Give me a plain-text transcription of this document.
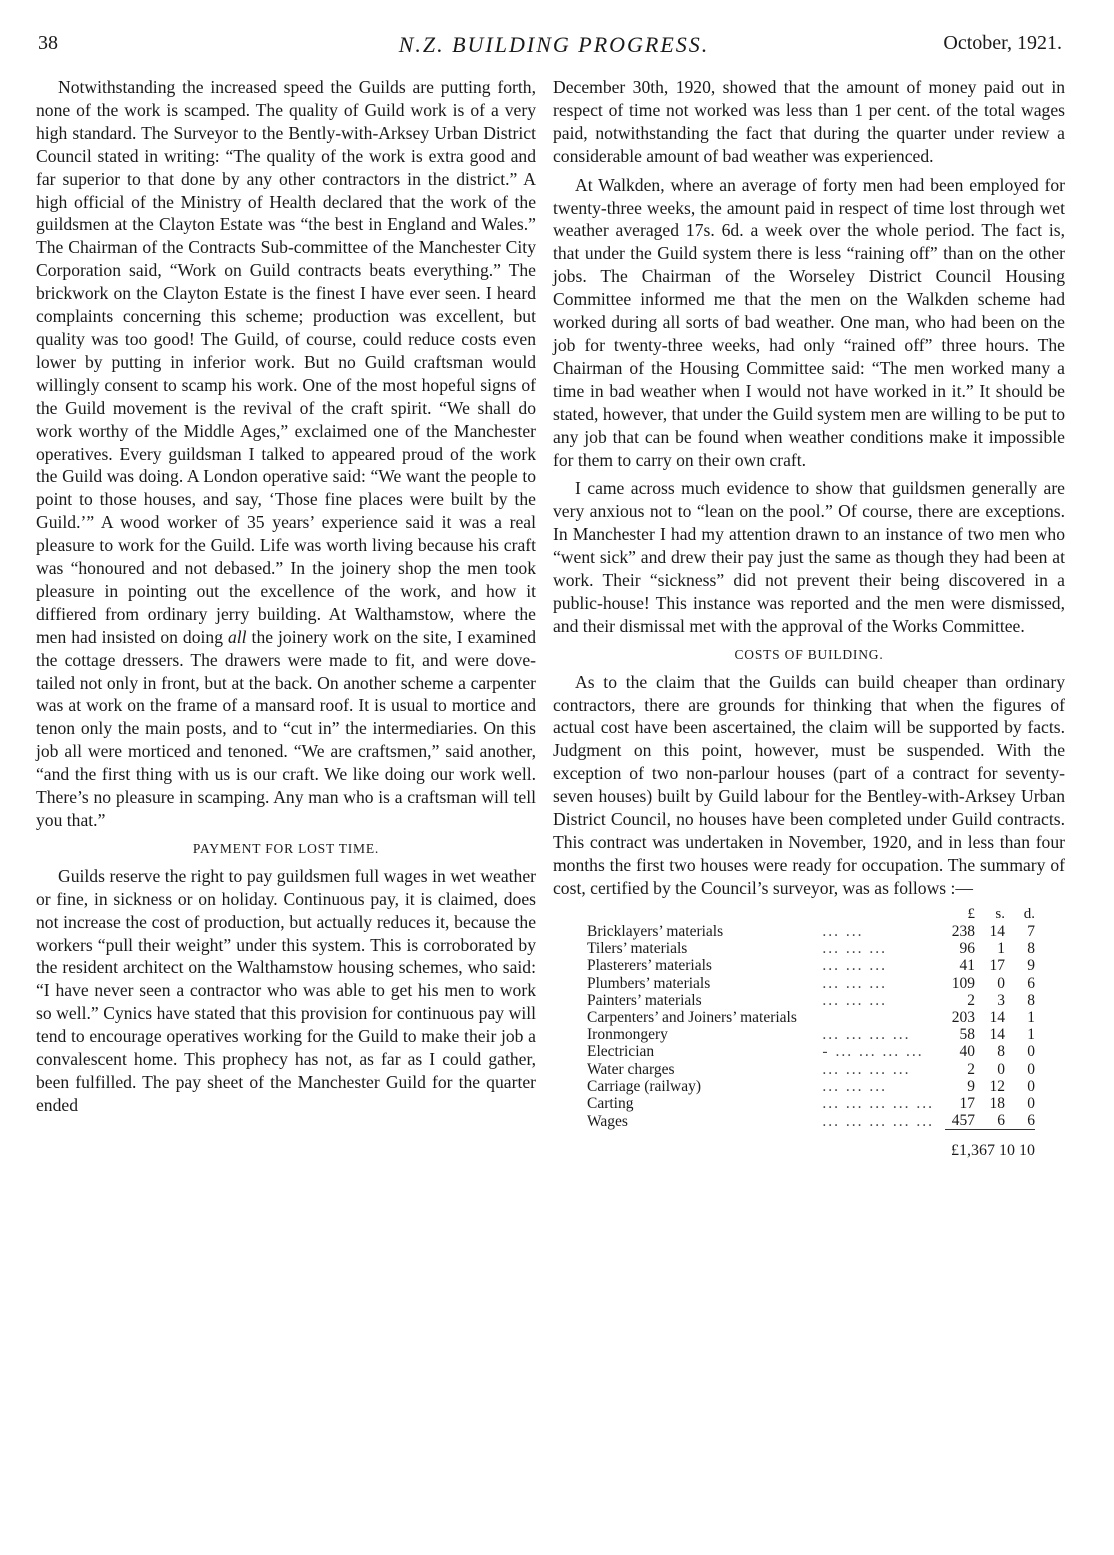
38	N.Z. BUILDING PROGRESS.	October, 1921.

Notwithstanding the increased speed the Guilds are putting forth, none of the work is scamped. The quality of Guild work is of a very high standard. The Surveyor to the Bently-with-Arksey Urban District Council stated in writing: “The quality of the work is extra good and far superior to that done by any other contractors in the district.” A high official of the Ministry of Health declared that the work of the guildsmen at the Clayton Estate was “the best in England and Wales.” The Chairman of the Contracts Sub-committee of the Manchester City Corporation said, “Work on Guild contracts beats everything.” The brickwork on the Clayton Estate is the finest I have ever seen. I heard complaints concerning this scheme; production was excellent, but quality was too good! The Guild, of course, could reduce costs even lower by putting in inferior work. But no Guild craftsman would willingly consent to scamp his work. One of the most hopeful signs of the Guild movement is the revival of the craft spirit. “We shall do work worthy of the Middle Ages,” exclaimed one of the Manchester operatives. Every guildsman I talked to appeared proud of the work the Guild was doing. A London operative said: “We want the people to point to those houses, and say, ‘Those fine places were built by the Guild.’” A wood worker of 35 years’ experience said it was a real pleasure to work for the Guild. Life was worth living because his craft was “honoured and not debased.” In the joinery shop the men took pleasure in pointing out the excellence of the work, and how it diffiered from ordinary jerry building. At Walthamstow, where the men had insisted on doing all the joinery work on the site, I examined the cottage dressers. The drawers were made to fit, and were dove-tailed not only in front, but at the back. On another scheme a carpenter was at work on the frame of a mansard roof. It is usual to mortice and tenon only the main posts, and to “cut in” the intermediaries. On this job all were morticed and tenoned. “We are craftsmen,” said another, “and the first thing with us is our craft. We like doing our work well. There’s no pleasure in scamping. Any man who is a craftsman will tell you that.”

PAYMENT FOR LOST TIME.

Guilds reserve the right to pay guildsmen full wages in wet weather or fine, in sickness or on holiday. Continuous pay, it is claimed, does not increase the cost of production, but actually reduces it, because the workers “pull their weight” under this system. This is corroborated by the resident architect on the Walthamstow housing schemes, who said: “I have never seen a contractor who was able to get his men to work so well.” Cynics have stated that this provision for continuous pay will tend to encourage operatives working for the Guild to make their job a convalescent home. This prophecy has not, as far as I could gather, been fulfilled. The pay sheet of the Manchester Guild for the quarter ended

December 30th, 1920, showed that the amount of money paid out in respect of time not worked was less than 1 per cent. of the total wages paid, notwithstanding the fact that during the quarter under review a considerable amount of bad weather was experienced.

At Walkden, where an average of forty men had been employed for twenty-three weeks, the amount paid in respect of time lost through wet weather averaged 17s. 6d. a week over the whole period. The fact is, that under the Guild system there is less “raining off” than on the other jobs. The Chairman of the Worseley District Council Housing Committee informed me that the men on the Walkden scheme had worked during all sorts of bad weather. One man, who had been on the job for twenty-three weeks, had only “rained off” three hours. The Chairman of the Housing Committee said: “The men worked many a time in bad weather when I would not have worked in it.” It should be stated, however, that under the Guild system men are willing to be put to any job that can be found when weather conditions make it impossible for them to carry on their own craft.

I came across much evidence to show that guildsmen generally are very anxious not to “lean on the pool.” Of course, there are exceptions. In Manchester I had my attention drawn to an instance of two men who “went sick” and drew their pay just the same as though they had been at work. Their “sickness” did not prevent their being discovered in a public-house! This instance was reported and the men were dismissed, and their dismissal met with the approval of the Works Committee.

COSTS OF BUILDING.

As to the claim that the Guilds can build cheaper than ordinary contractors, there are grounds for thinking that when the figures of actual cost have been ascertained, the claim will be supported by facts. Judgment on this point, however, must be suspended. With the exception of two non-parlour houses (part of a contract for seventy-seven houses) built by Guild labour for the Bentley-with-Arksey Urban District Council, no houses have been completed under Guild contracts. This contract was undertaken in November, 1920, and in less than four months the first two houses were ready for occupation. The summary of cost, certified by the Council’s surveyor, was as follows :—

		£	s.	d.
Bricklayers’ materials	... ...	238	14	7
Tilers’ materials	... ... ...	96	1	8
Plasterers’ materials	... ... ...	41	17	9
Plumbers’ materials	... ... ...	109	0	6
Painters’ materials	... ... ...	2	3	8
Carpenters’ and Joiners’ materials		203	14	1
Ironmongery	... ... ... ...	58	14	1
Electrician	- ... ... ... ...	40	8	0
Water charges	... ... ... ...	2	0	0
Carriage (railway)	... ... ...	9	12	0
Carting	... ... ... ... ...	17	18	0
Wages	... ... ... ... ...	457	6	6

		£1,367 10 10		
